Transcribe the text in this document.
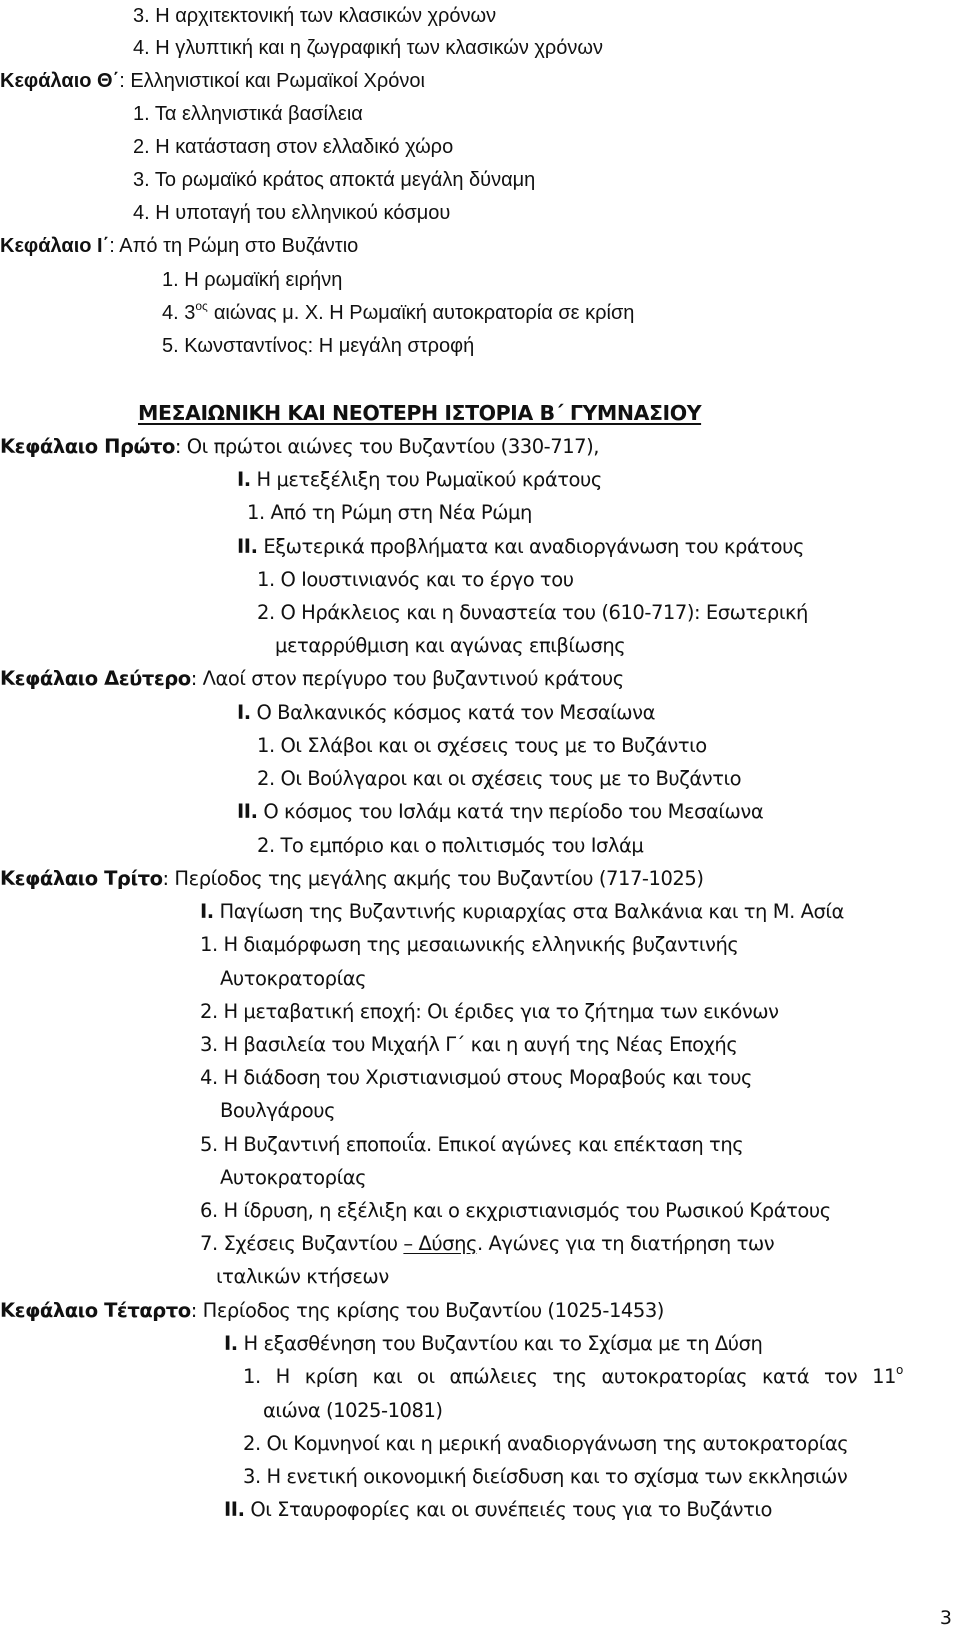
3. Η αρχιτεκτονική των κλασικών χρόνων
4. Η γλυπτική και η ζωγραφική των κλασικών χρόνων
Κεφάλαιο Θ΄: Ελληνιστικοί και Ρωμαϊκοί Χρόνοι
1. Τα ελληνιστικά βασίλεια
2. Η κατάσταση στον ελλαδικό χώρο
3. Το ρωμαϊκό κράτος αποκτά μεγάλη δύναμη
4. Η υποταγή του ελληνικού κόσμου
Κεφάλαιο Ι΄: Από τη Ρώμη στο Βυζάντιο
1. Η ρωμαϊκή ειρήνη
4. $3^{o\varsigma}$ αιώνας μ. Χ. Η Ρωμαϊκή αυτοκρατορία σε κρίση
5. Κωνσταντίνος: Η μεγάλη στροφή
ΜΕΣΑΙΩΝΙΚΗ ΚΑΙ ΝΕΟΤΕΡΗ ΙΣΤΟΡΙΑ Β΄ ΓΥΜΝΑΣΙΟΥ
Κεφάλαιο Πρώτο: Οι πρώτοι αιώνες του Βυζαντίου (330-717),
Ι. Η μετεξέλιξη του Ρωμαϊκού κράτους
1. Από τη Ρώμη στη Νέα Ρώμη
ΙΙ. Εξωτερικά προβλήματα και αναδιοργάνωση του κράτους
1. Ο Ιουστινιανός και το έργο του
2. Ο Ηράκλειος και η δυναστεία του (610-717): Εσωτερική
μεταρρύθμιση και αγώνας επιβίωσης
Κεφάλαιο Δεύτερο: Λαοί στον περίγυρο του βυζαντινού κράτους
Ι. Ο Βαλκανικός κόσμος κατά τον Μεσαίωνα
1. Οι Σλάβοι και οι σχέσεις τους με το Βυζάντιο
2. Οι Βούλγαροι και οι σχέσεις τους με το Βυζάντιο
ΙΙ. Ο κόσμος του Ισλάμ κατά την περίοδο του Μεσαίωνα
2. Το εμπόριο και ο πολιτισμός του Ισλάμ
Κεφάλαιο Τρίτο: Περίοδος της μεγάλης ακμής του Βυζαντίου (717-1025)
Ι. Παγίωση της Βυζαντινής κυριαρχίας στα Βαλκάνια και τη Μ. Ασία
1. Η διαμόρφωση της μεσαιωνικής ελληνικής βυζαντινής
Αυτοκρατορίας
2. Η μεταβατική εποχή: Οι έριδες για το ζήτημα των εικόνων
3. Η βασιλεία του Μιχαήλ Γ΄ και η αυγή της Νέας Εποχής
4. Η διάδοση του Χριστιανισμού στους Μοραβούς και τους
Βουλγάρους
5. Η Βυζαντινή εποποιΐα. Επικοί αγώνες και επέκταση της
Αυτοκρατορίας
6. Η ίδρυση, η εξέλιξη και ο εκχριστιανισμός του Ρωσικού Κράτους
7. Σχέσεις Βυζαντίου – Δύσης. Αγώνες για τη διατήρηση των
ιταλικών κτήσεων
Κεφάλαιο Τέταρτο: Περίοδος της κρίσης του Βυζαντίου (1025-1453)
Ι. Η εξασθένηση του Βυζαντίου και το Σχίσμα με τη Δύση
1. Η κρίση και οι απώλειες της αυτοκρατορίας κατά τον $11^o$
αιώνα (1025-1081)
2. Οι Κομνηνοί και η μερική αναδιοργάνωση της αυτοκρατορίας
3. Η ενετική οικονομική διείσδυση και το σχίσμα των εκκλησιών
ΙΙ. Οι Σταυροφορίες και οι συνέπειές τους για το Βυζάντιο
3
